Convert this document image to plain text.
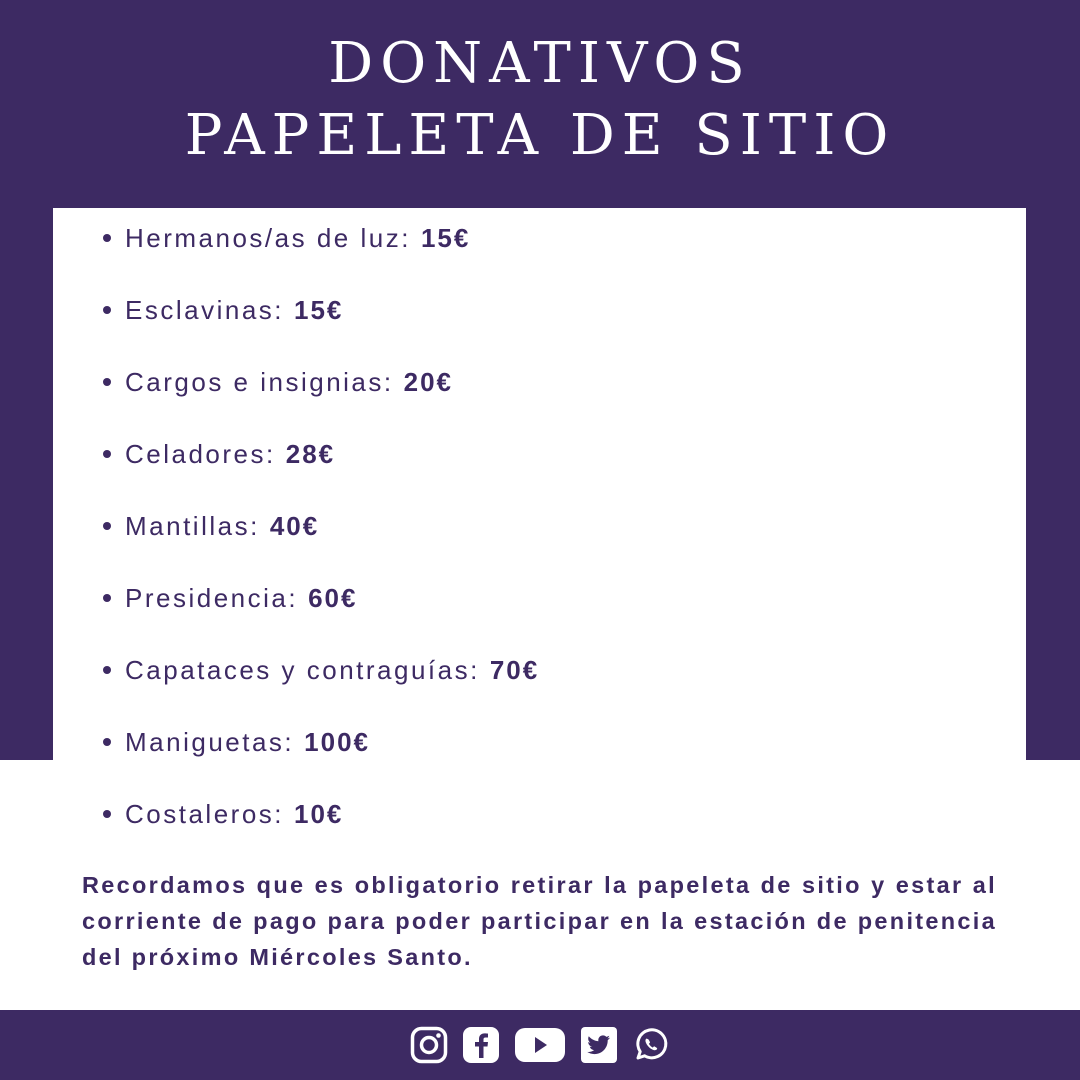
DONATIVOS
PAPELETA DE SITIO
Hermanos/as de luz: 15€
Esclavinas: 15€
Cargos e insignias: 20€
Celadores: 28€
Mantillas: 40€
Presidencia: 60€
Capataces y contraguías: 70€
Maniguetas: 100€
Costaleros: 10€

Recordamos que es obligatorio retirar la papeleta de sitio y estar al corriente de pago para poder participar en la estación de penitencia del próximo Miércoles Santo.
